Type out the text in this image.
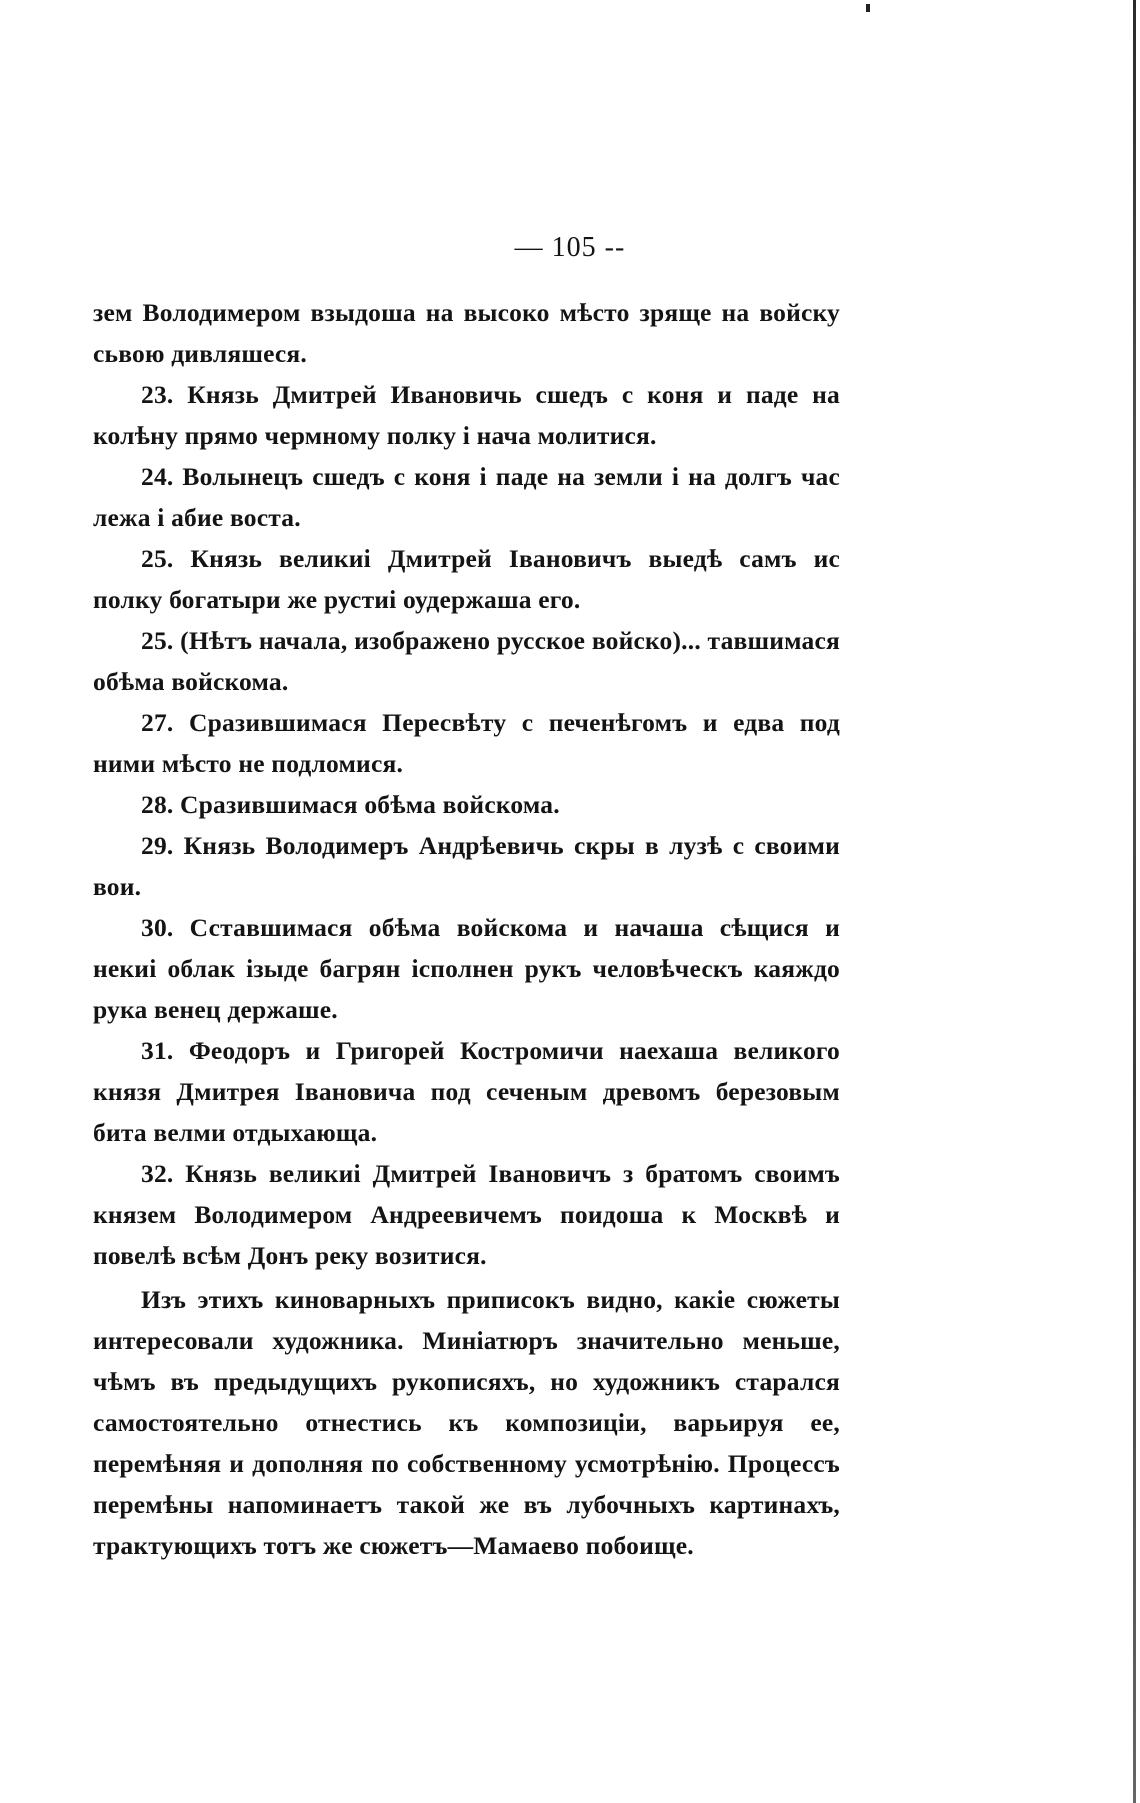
— 105 --

зем Володимером взыдоша на высоко мѣсто зряще на войску сьвою дивляшеся.

23. Князь Дмитрей Ивановичь сшедъ с коня и паде на колѣну прямо чермному полку і нача молитися.

24. Волынецъ сшедъ с коня і паде на земли і на долгъ час лежа і абие воста.

25. Князь великиі Дмитрей Івановичъ выедѣ самъ ис полку богатыри же рустиі оудержаша его.

25. (Нѣтъ начала, изображено русское войско)... тавшимася обѣма войскома.

27. Сразившимася Пересвѣту с печенѣгомъ и едва под ними мѣсто не подломися.

28. Сразившимася обѣма войскома.

29. Князь Володимеръ Андрѣевичь скры в лузѣ с своими вои.

30. Сставшимася обѣма войскома и начаша сѣщися и некиі облак ізыде багрян ісполнен рукъ человѣческъ каяждо рука венец держаше.

31. Феодоръ и Григорей Костромичи наехаша великого князя Дмитрея Івановича под сеченым древомъ березовым бита велми отдыхающа.

32. Князь великиі Дмитрей Івановичъ з братомъ своимъ князем Володимером Андреевичемъ поидоша к Москвѣ и повелѣ всѣм Донъ реку возитися.

Изъ этихъ киноварныхъ приписокъ видно, какіе сюжеты интересовали художника. Миніатюръ значительно меньше, чѣмъ въ предыдущихъ рукописяхъ, но художникъ старался самостоятельно отнестись къ композиціи, варьируя ее, перемѣняя и дополняя по собственному усмотрѣнію. Процессъ перемѣны напоминаетъ такой же въ лубочныхъ картинахъ, трактующихъ тотъ же сюжетъ—Мамаево побоище.
